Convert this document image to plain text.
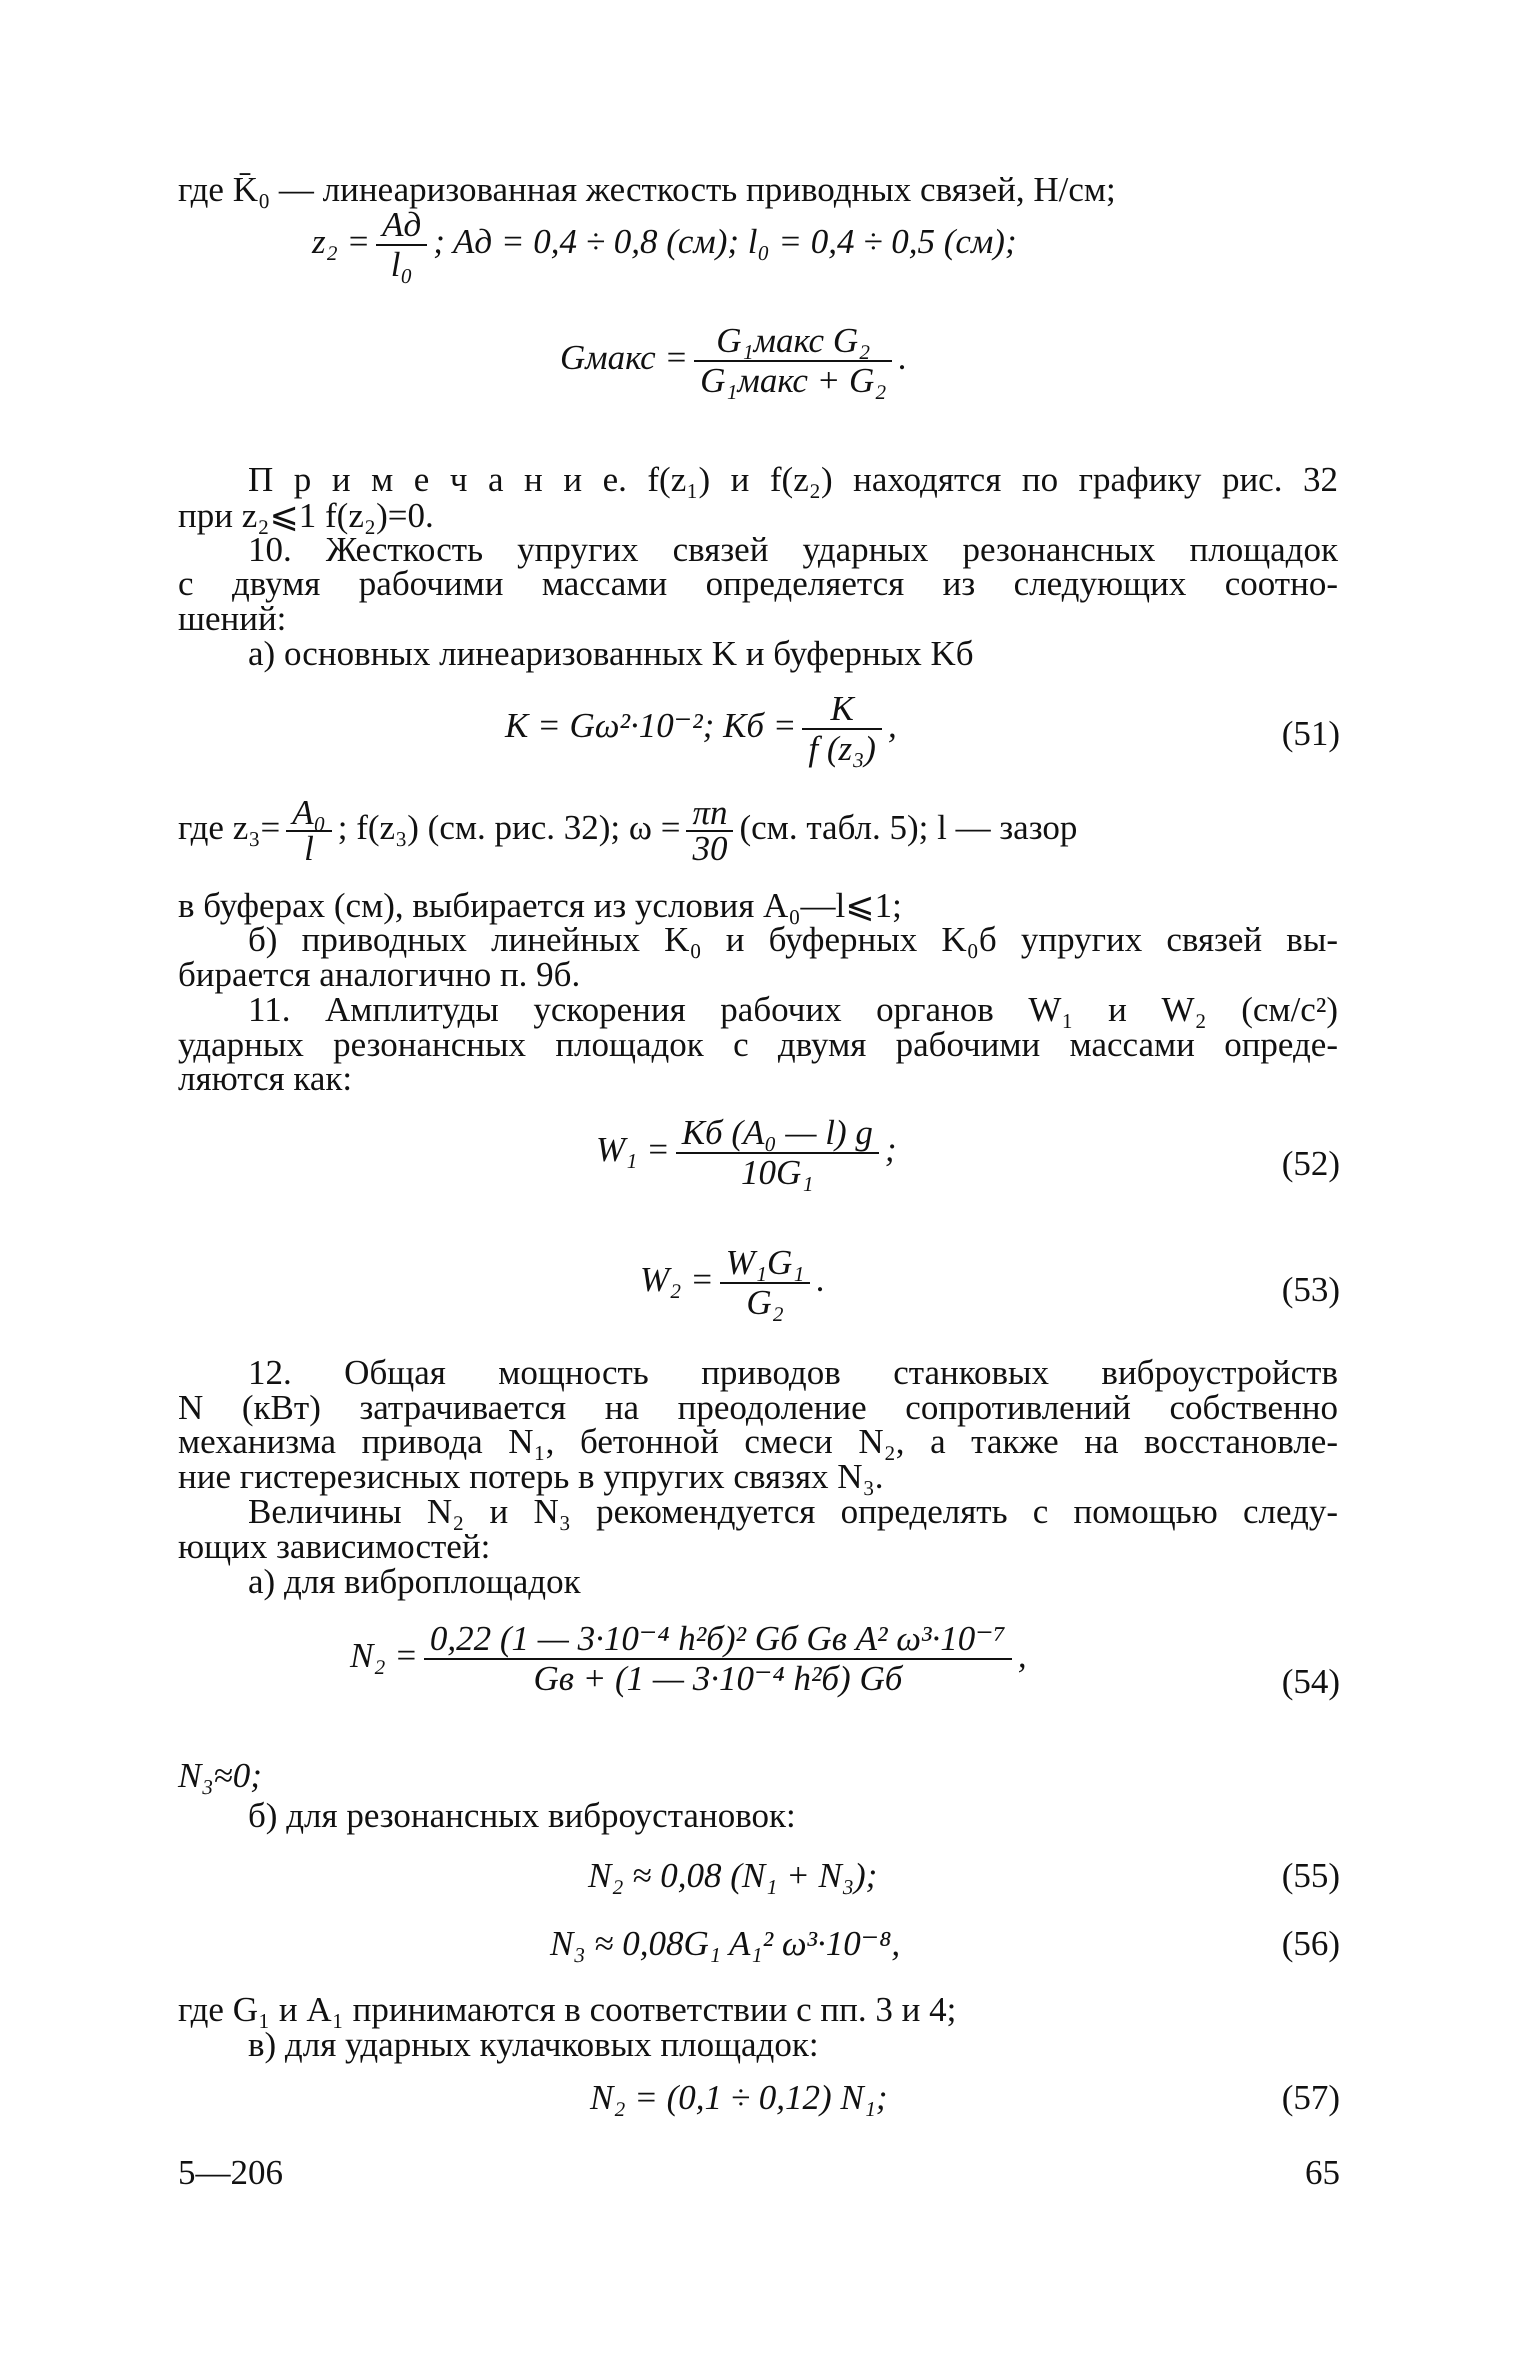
где K̄₀ — линеаризованная жесткость приводных связей, Н/см;
z₂ = Aд
l₀
; Aд = 0,4 ÷ 0,8 (см); l₀ = 0,4 ÷ 0,5 (см);
Gмакс = G₁макс G₂
G₁макс + G₂
.
П р и м е ч а н и е. f(z₁) и f(z₂) находятся по графику рис. 32
при z₂⩽1 f(z₂)=0.
10. Жесткость упругих связей ударных резонансных площадок
с двумя рабочими массами определяется из следующих соотно-
шений:
а) основных линеаризованных K и буферных Kб
K = Gω²·10⁻²; Kб = $\frac{K}{\text{f (z₃)}}$ ,	(51)
где $z_3= \frac{\text{A₀}}{l}$ ; f(z₃) (см. рис. 32); $\omega = \frac{\pi n}{30} (см$. табл. 5); l — зазор
в буферах (см), выбирается из условия A₀—l⩽1;
б) приводных линейных K₀ и буферных K₀б упругих связей вы-
бирается аналогично п. 9б.
11. Амплитуды ускорения рабочих органов W₁ и W₂ (см/с²)
ударных резонансных площадок с двумя рабочими массами опреде-
ляются как:
W₁ = Kб (A₀ — l) g
10G₁
;	(52)
$W_2 = \frac{\text{W₁G₁}}{\text{G₂}}$ .	(53)
12. Общая мощность приводов станковых виброустройств
N (кВт) затрачивается на преодоление сопротивлений собственно
механизма привода N₁, бетонной смеси N₂, а также на восстановле-
ние гистерезисных потерь в упругих связях N₃.
Величины N₂ и N₃ рекомендуется определять с помощью следу-
ющих зависимостей:
а) для виброплощадок
N₂ = 0,22 (1 — 3·10⁻⁴ h²б)² Gб Gв A² ω³·10⁻⁷
Gв + (1 — 3·10⁻⁴ h²б) Gб
,
(54)
N₃≈0;
б) для резонансных виброустановок:
N₂ ≈ 0,08 (N₁ + N₃);	(55)
N₃ ≈ 0,08G₁ A₁² ω³·10⁻⁸,	(56)
где G₁ и A₁ принимаются в соответствии с пп. 3 и 4;
в) для ударных кулачковых площадок:
N₂ = (0,1 ÷ 0,12) N₁;	(57)
5—206	65
